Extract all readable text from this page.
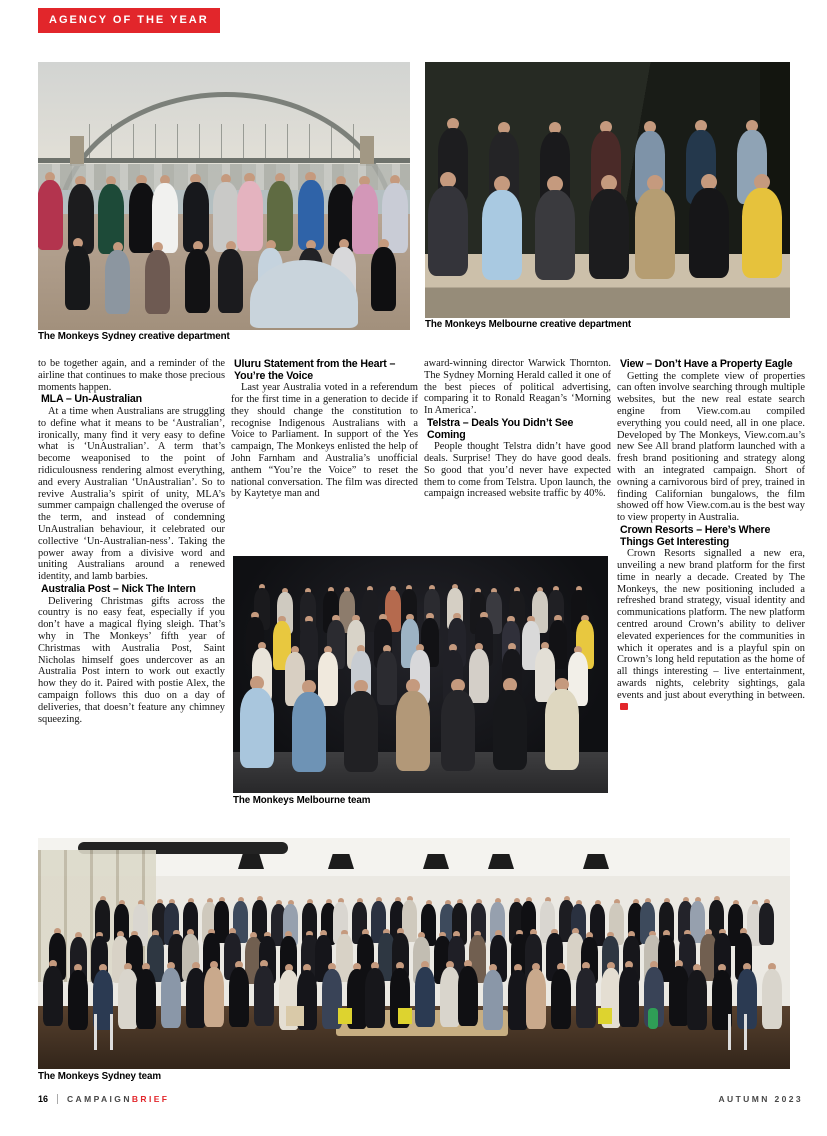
AGENCY OF THE YEAR
The Monkeys Sydney creative department
The Monkeys Melbourne creative department

to be together again, and a reminder of the airline that continues to make those precious moments happen.

MLA – Un-Australian

At a time when Australians are struggling to define what it means to be ‘Australian’, ironically, many find it very easy to define what is ‘UnAustralian’. A term that’s become weaponised to the point of ridiculousness rendering almost everything, and every Australian ‘UnAustralian’. So to revive Australia’s spirit of unity, MLA’s summer campaign challenged the overuse of the term, and instead of condemning UnAustralian behaviour, it celebrated our collective ‘Un-Australian-ness’. Taking the power away from a divisive word and uniting Australians around a renewed identity, and lamb barbies.

Australia Post – Nick The Intern

Delivering Christmas gifts across the country is no easy feat, especially if you don’t have a magical flying sleigh. That’s why in The Monkeys’ fifth year of Christmas with Australia Post, Saint Nicholas himself goes undercover as an Australia Post intern to work out exactly how they do it. Paired with postie Alex, the campaign follows this duo on a day of deliveries, that doesn’t feature any chimney squeezing.

Uluru Statement from the Heart – You’re the Voice

Last year Australia voted in a referendum for the first time in a generation to decide if they should change the constitution to recognise Indigenous Australians with a Voice to Parliament. In support of the Yes campaign, The Monkeys enlisted the help of John Farnham and Australia’s unofficial anthem “You’re the Voice” to reset the national conversation. The film was directed by Kaytetye man and

award-winning director Warwick Thornton. The Sydney Morning Herald called it one of the best pieces of political advertising, comparing it to Ronald Reagan’s ‘Morning In America’.

Telstra – Deals You Didn’t See Coming

People thought Telstra didn’t have good deals. Surprise! They do have good deals. So good that you’d never have expected them to come from Telstra. Upon launch, the campaign increased website traffic by 40%.

View – Don’t Have a Property Eagle

Getting the complete view of properties can often involve searching through multiple websites, but the new real estate search engine from View.com.au compiled everything you could need, all in one place. Developed by The Monkeys, View.com.au’s new See All brand platform launched with a fresh brand positioning and strategy along with an integrated campaign. Short of owning a carnivorous bird of prey, trained in finding Californian bungalows, the film showed off how View.com.au is the best way to view property in Australia.

Crown Resorts – Here’s Where Things Get Interesting

Crown Resorts signalled a new era, unveiling a new brand platform for the first time in nearly a decade. Created by The Monkeys, the new positioning included a refreshed brand strategy, visual identity and communications platform. The new platform centred around Crown’s ability to deliver elevated experiences for the communities in which it operates and is a playful spin on Crown’s long held reputation as the home of all things interesting – live entertainment, awards nights, celebrity sightings, gala events and just about everything in between.

The Monkeys Melbourne team
The Monkeys Sydney team
16 CAMPAIGNBRIEF	AUTUMN 2023
